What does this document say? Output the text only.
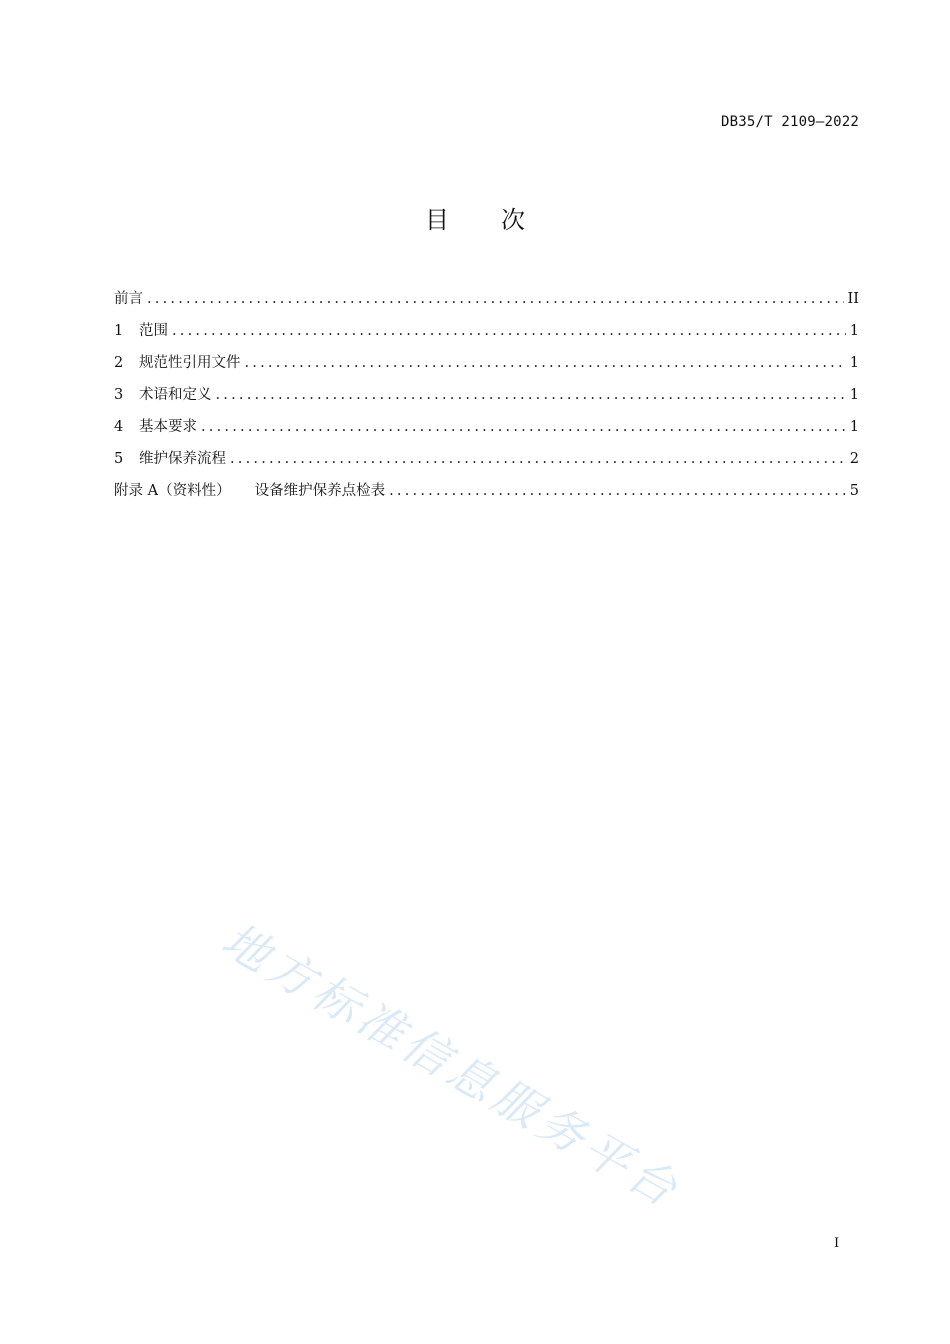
DB35/T 2109—2022
目 次
前言 .....	II
1	范围 .....	1
2	规范性引用文件 .....	1
3	术语和定义 .....	1
4	基本要求 .....	1
5	维护保养流程 .....	2
附录 A（资料性） 设备维护保养点检表 .....	5
地方标准信息服务平台
I
